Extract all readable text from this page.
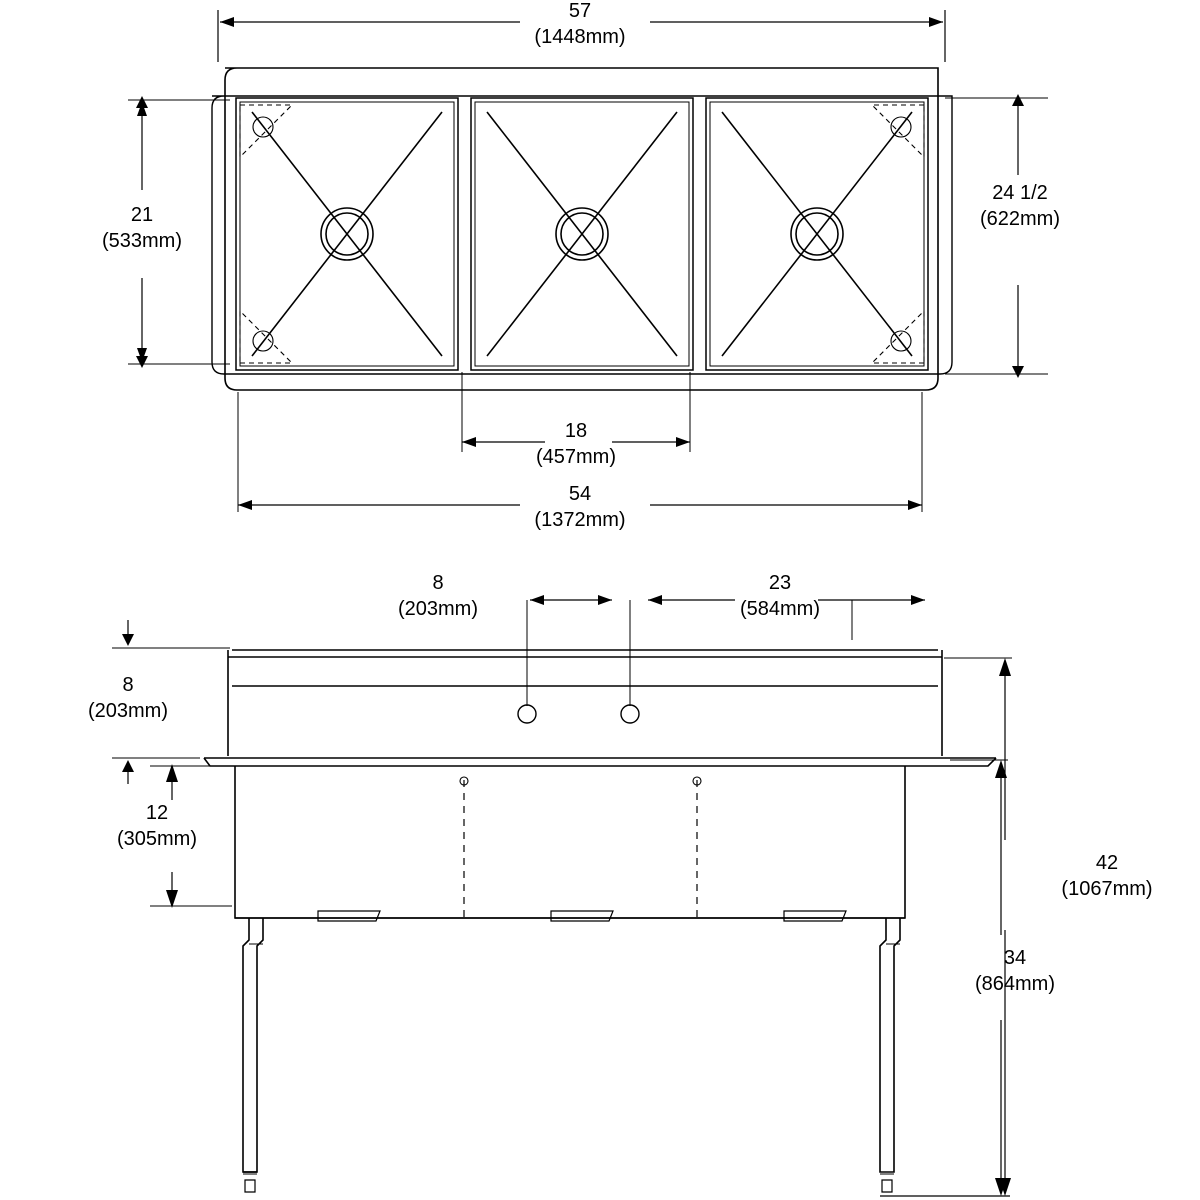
57
(1448mm)
21
(533mm)
24 1/2
(622mm)
18
(457mm)
54
(1372mm)
8
(203mm)
23
(584mm)
8
(203mm)
12
(305mm)
42
(1067mm)
34
(864mm)
